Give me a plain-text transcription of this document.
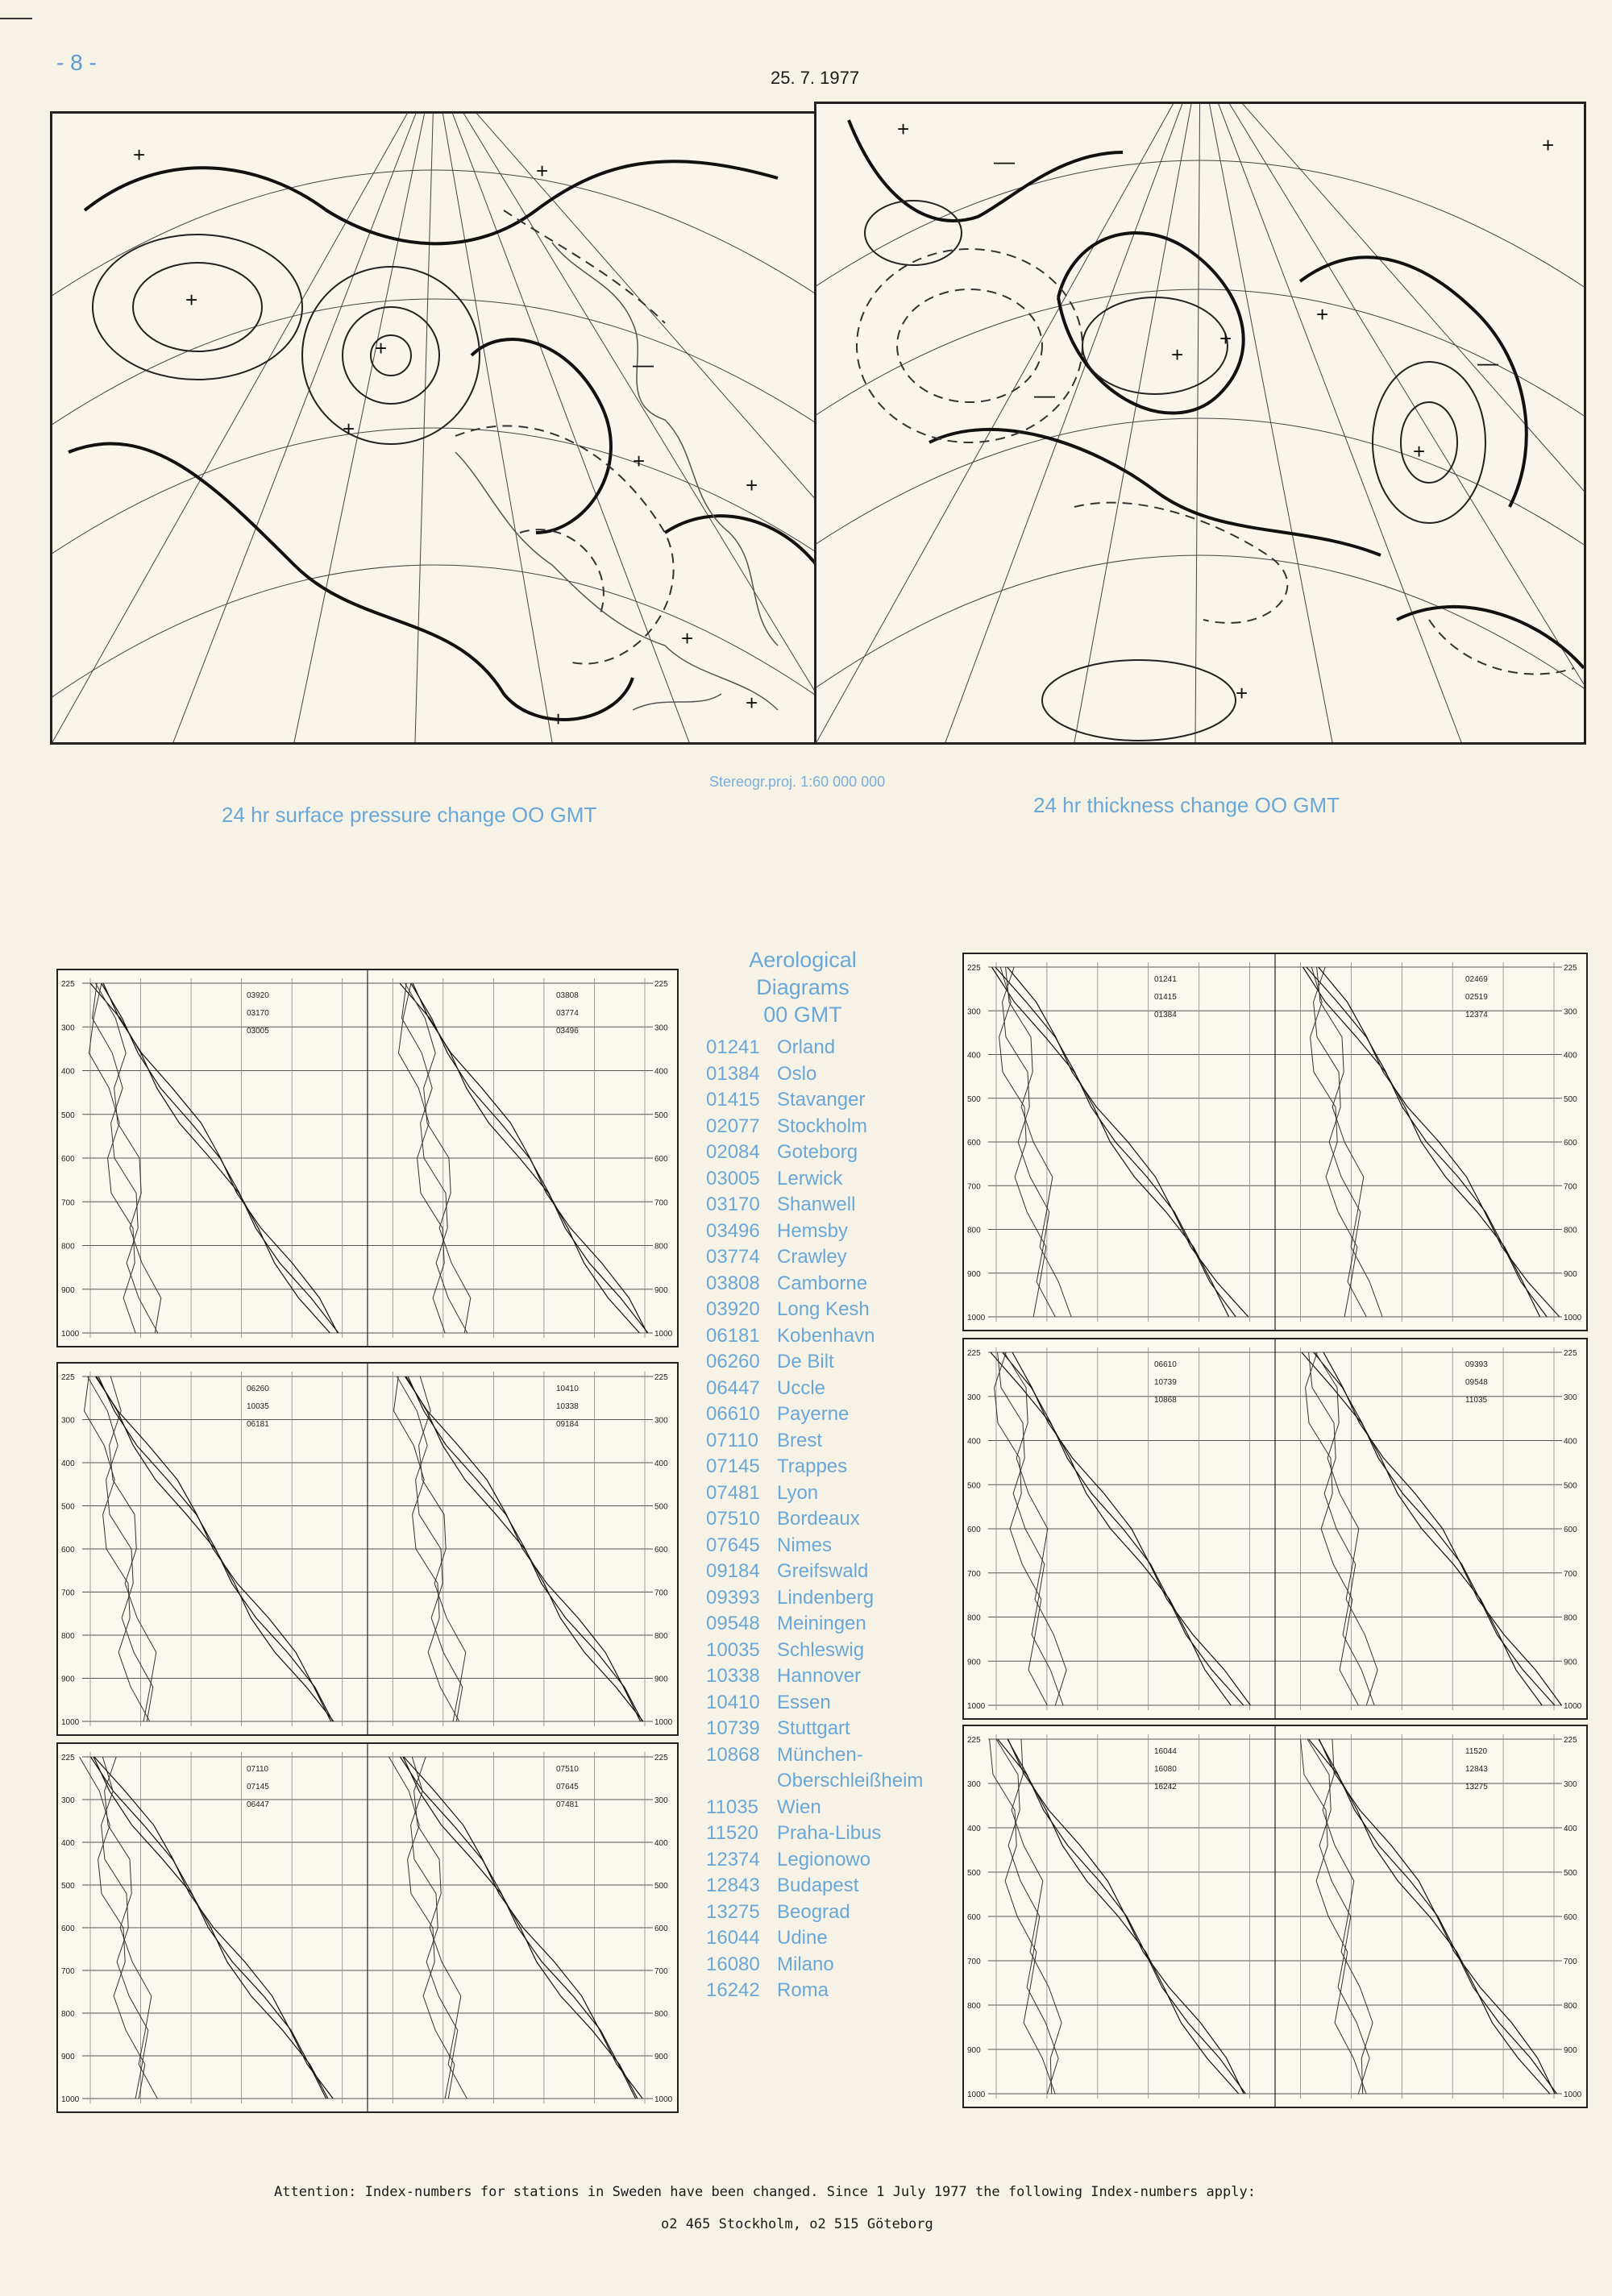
- 8 -
25. 7. 1977
+
+
+
+
+
+
+
+
+
+
—
+
+
+
+
+
+
—
—
—
+
24 hr surface pressure change OO GMT
Stereogr.proj. 1:60 000 000
24 hr thickness change OO GMT
225	225
300	300
400	400
500	500
600	600
700	700
800	800
900	900
1000	1000
03920
03170
03005
03808
03774
03496
225	225
300	300
400	400
500	500
600	600
700	700
800	800
900	900
1000	1000
06260
10035
06181
10410
10338
09184
225	225
300	300
400	400
500	500
600	600
700	700
800	800
900	900
1000	1000
07110
07145
06447
07510
07645
07481
225	225
300	300
400	400
500	500
600	600
700	700
800	800
900	900
1000	1000
01241
01415
01384
02469
02519
12374
225	225
300	300
400	400
500	500
600	600
700	700
800	800
900	900
1000	1000
06610
10739
10868
09393
09548
11035
225	225
300	300
400	400
500	500
600	600
700	700
800	800
900	900
1000	1000
16044
16080
16242
11520
12843
13275
Aerological
Diagrams
00 GMT
01241 Orland
01384 Oslo
01415 Stavanger
02077 Stockholm
02084 Goteborg
03005 Lerwick
03170 Shanwell
03496 Hemsby
03774 Crawley
03808 Camborne
03920 Long Kesh
06181 Kobenhavn
06260 De Bilt
06447 Uccle
06610 Payerne
07110 Brest
07145 Trappes
07481 Lyon
07510 Bordeaux
07645 Nimes
09184 Greifswald
09393 Lindenberg
09548 Meiningen
10035 Schleswig
10338 Hannover
10410 Essen
10739 Stuttgart
10868 München-
Oberschleißheim
11035 Wien
11520 Praha-Libus
12374 Legionowo
12843 Budapest
13275 Beograd
16044 Udine
16080 Milano
16242 Roma
Attention: Index-numbers for stations in Sweden have been changed. Since 1 July 1977 the following Index-numbers apply:
o2 465 Stockholm, o2 515 Göteborg
